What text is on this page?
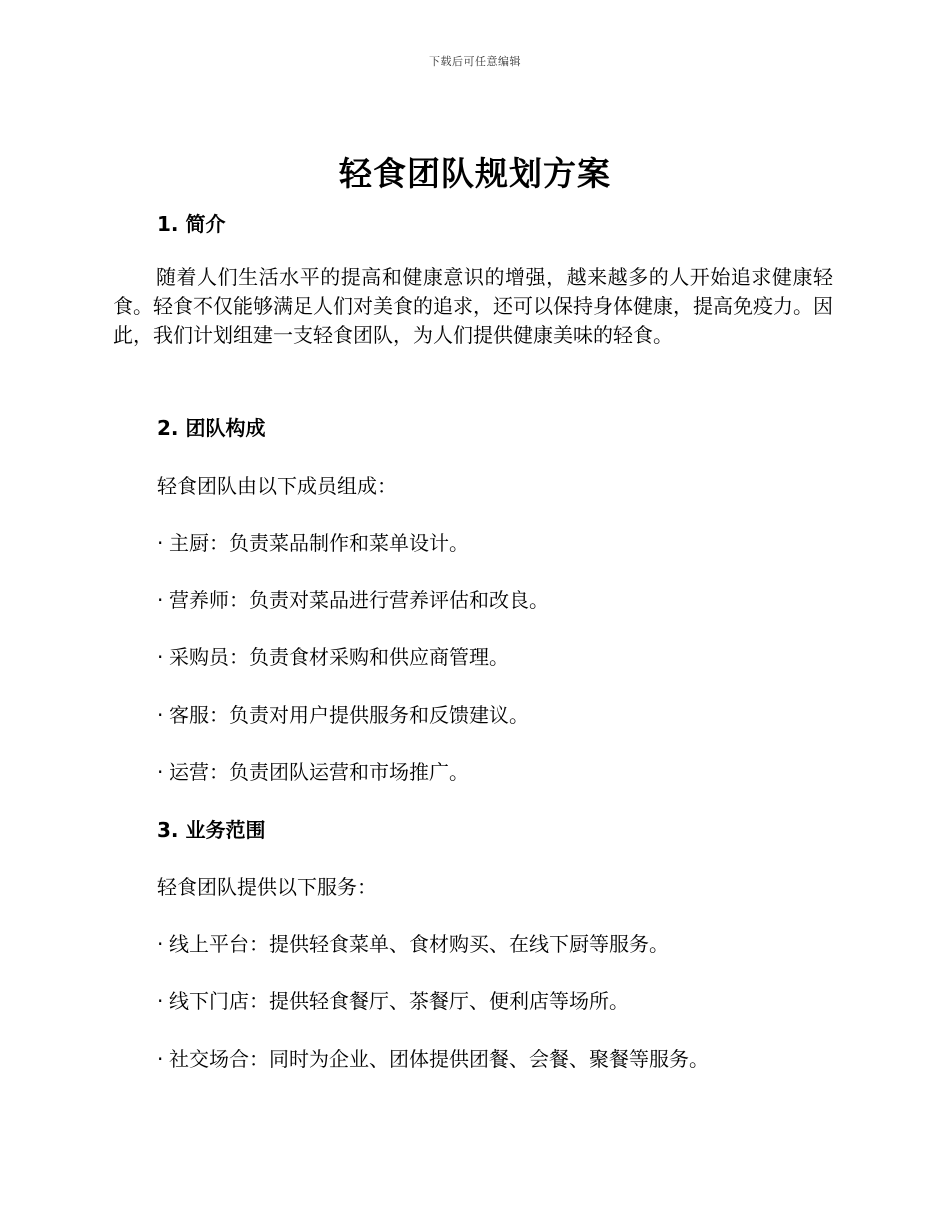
下载后可任意编辑
轻食团队规划方案
1. 简介

随着人们生活水平的提高和健康意识的增强，越来越多的人开始追求健康轻食。轻食不仅能够满足人们对美食的追求，还可以保持身体健康，提高免疫力。因此，我们计划组建一支轻食团队，为人们提供健康美味的轻食。

2. 团队构成

轻食团队由以下成员组成：

· 主厨：负责菜品制作和菜单设计。

· 营养师：负责对菜品进行营养评估和改良。

· 采购员：负责食材采购和供应商管理。

· 客服：负责对用户提供服务和反馈建议。

· 运营：负责团队运营和市场推广。

3. 业务范围

轻食团队提供以下服务：

· 线上平台：提供轻食菜单、食材购买、在线下厨等服务。

· 线下门店：提供轻食餐厅、茶餐厅、便利店等场所。

· 社交场合：同时为企业、团体提供团餐、会餐、聚餐等服务。
